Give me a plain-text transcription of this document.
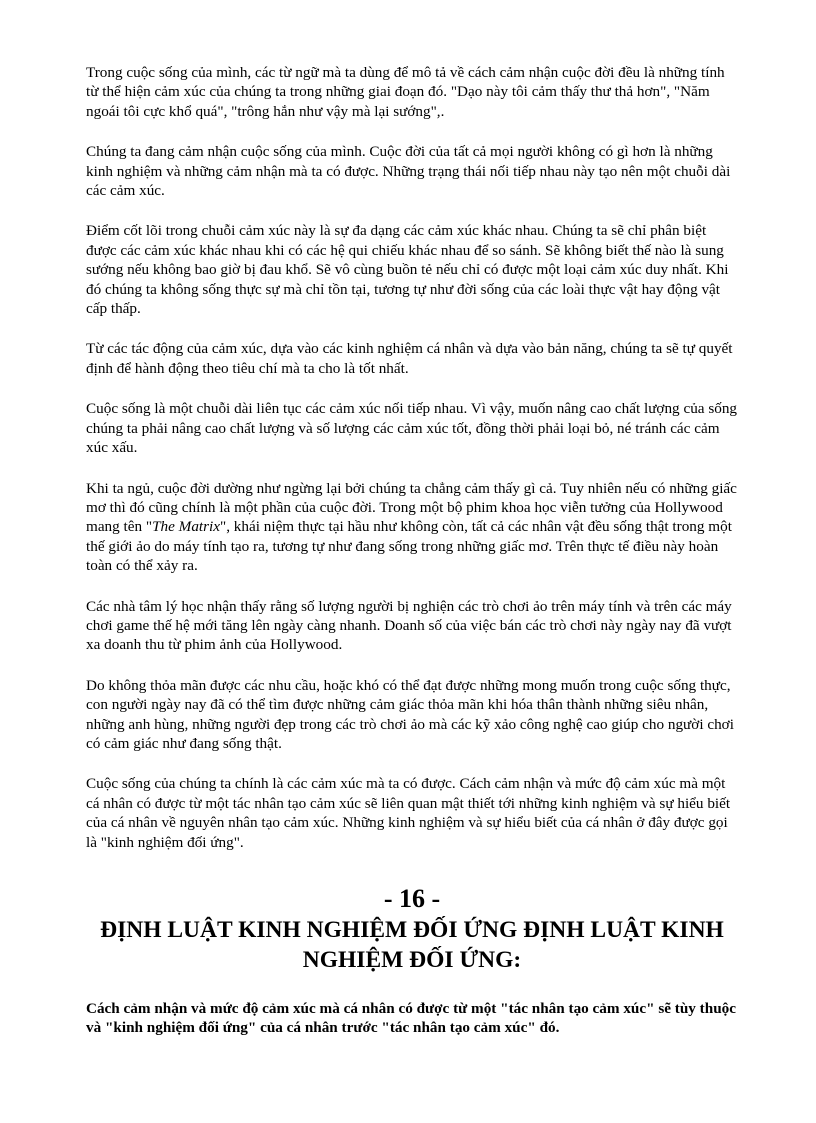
Trong cuộc sống của mình, các từ ngữ mà ta dùng để mô tả về cách cảm nhận cuộc đời đều là những tính từ thể hiện cảm xúc của chúng ta trong những giai đoạn đó. "Dạo này tôi cảm thấy thư thả hơn", "Năm ngoái tôi cực khổ quá", "trông hắn như vậy mà lại sướng",.

Chúng ta đang cảm nhận cuộc sống của mình. Cuộc đời của tất cả mọi người không có gì hơn là những kinh nghiệm và những cảm nhận mà ta có được. Những trạng thái nối tiếp nhau này tạo nên một chuỗi dài các cảm xúc.

Điểm cốt lõi trong chuỗi cảm xúc này là sự đa dạng các cảm xúc khác nhau. Chúng ta sẽ chỉ phân biệt được các cảm xúc khác nhau khi có các hệ qui chiếu khác nhau để so sánh. Sẽ không biết thế nào là sung sướng nếu không bao giờ bị đau khổ. Sẽ vô cùng buồn tẻ nếu chỉ có được một loại cảm xúc duy nhất. Khi đó chúng ta không sống thực sự mà chỉ tồn tại, tương tự như đời sống của các loài thực vật hay động vật cấp thấp.

Từ các tác động của cảm xúc, dựa vào các kinh nghiệm cá nhân và dựa vào bản năng, chúng ta sẽ tự quyết định để hành động theo tiêu chí mà ta cho là tốt nhất.

Cuộc sống là một chuỗi dài liên tục các cảm xúc nối tiếp nhau. Vì vậy, muốn nâng cao chất lượng của sống chúng ta phải nâng cao chất lượng và số lượng các cảm xúc tốt, đồng thời phải loại bỏ, né tránh các cảm xúc xấu.

Khi ta ngủ, cuộc đời dường như ngừng lại bởi chúng ta chẳng cảm thấy gì cả. Tuy nhiên nếu có những giấc mơ thì đó cũng chính là một phần của cuộc đời. Trong một bộ phim khoa học viễn tưởng của Hollywood mang tên "The Matrix", khái niệm thực tại hầu như không còn, tất cả các nhân vật đều sống thật trong một thế giới ảo do máy tính tạo ra, tương tự như đang sống trong những giấc mơ. Trên thực tế điều này hoàn toàn có thể xảy ra.

Các nhà tâm lý học nhận thấy rằng số lượng người bị nghiện các trò chơi ảo trên máy tính và trên các máy chơi game thế hệ mới tăng lên ngày càng nhanh. Doanh số của việc bán các trò chơi này ngày nay đã vượt xa doanh thu từ phim ảnh của Hollywood.

Do không thỏa mãn được các nhu cầu, hoặc khó có thể đạt được những mong muốn trong cuộc sống thực, con người ngày nay đã có thể tìm được những cảm giác thỏa mãn khi hóa thân thành những siêu nhân, những anh hùng, những người đẹp trong các trò chơi ảo mà các kỹ xảo công nghệ cao giúp cho người chơi có cảm giác như đang sống thật.

Cuộc sống của chúng ta chính là các cảm xúc mà ta có được. Cách cảm nhận và mức độ cảm xúc mà một cá nhân có được từ một tác nhân tạo cảm xúc sẽ liên quan mật thiết tới những kinh nghiệm và sự hiểu biết của cá nhân về nguyên nhân tạo cảm xúc. Những kinh nghiệm và sự hiểu biết của cá nhân ở đây được gọi là "kinh nghiệm đối ứng".

- 16 -
ĐỊNH LUẬT KINH NGHIỆM ĐỐI ỨNG ĐỊNH LUẬT KINH NGHIỆM ĐỐI ỨNG:

Cách cảm nhận và mức độ cảm xúc mà cá nhân có được từ một "tác nhân tạo cảm xúc" sẽ tùy thuộc và "kinh nghiệm đối ứng" của cá nhân trước "tác nhân tạo cảm xúc" đó.
